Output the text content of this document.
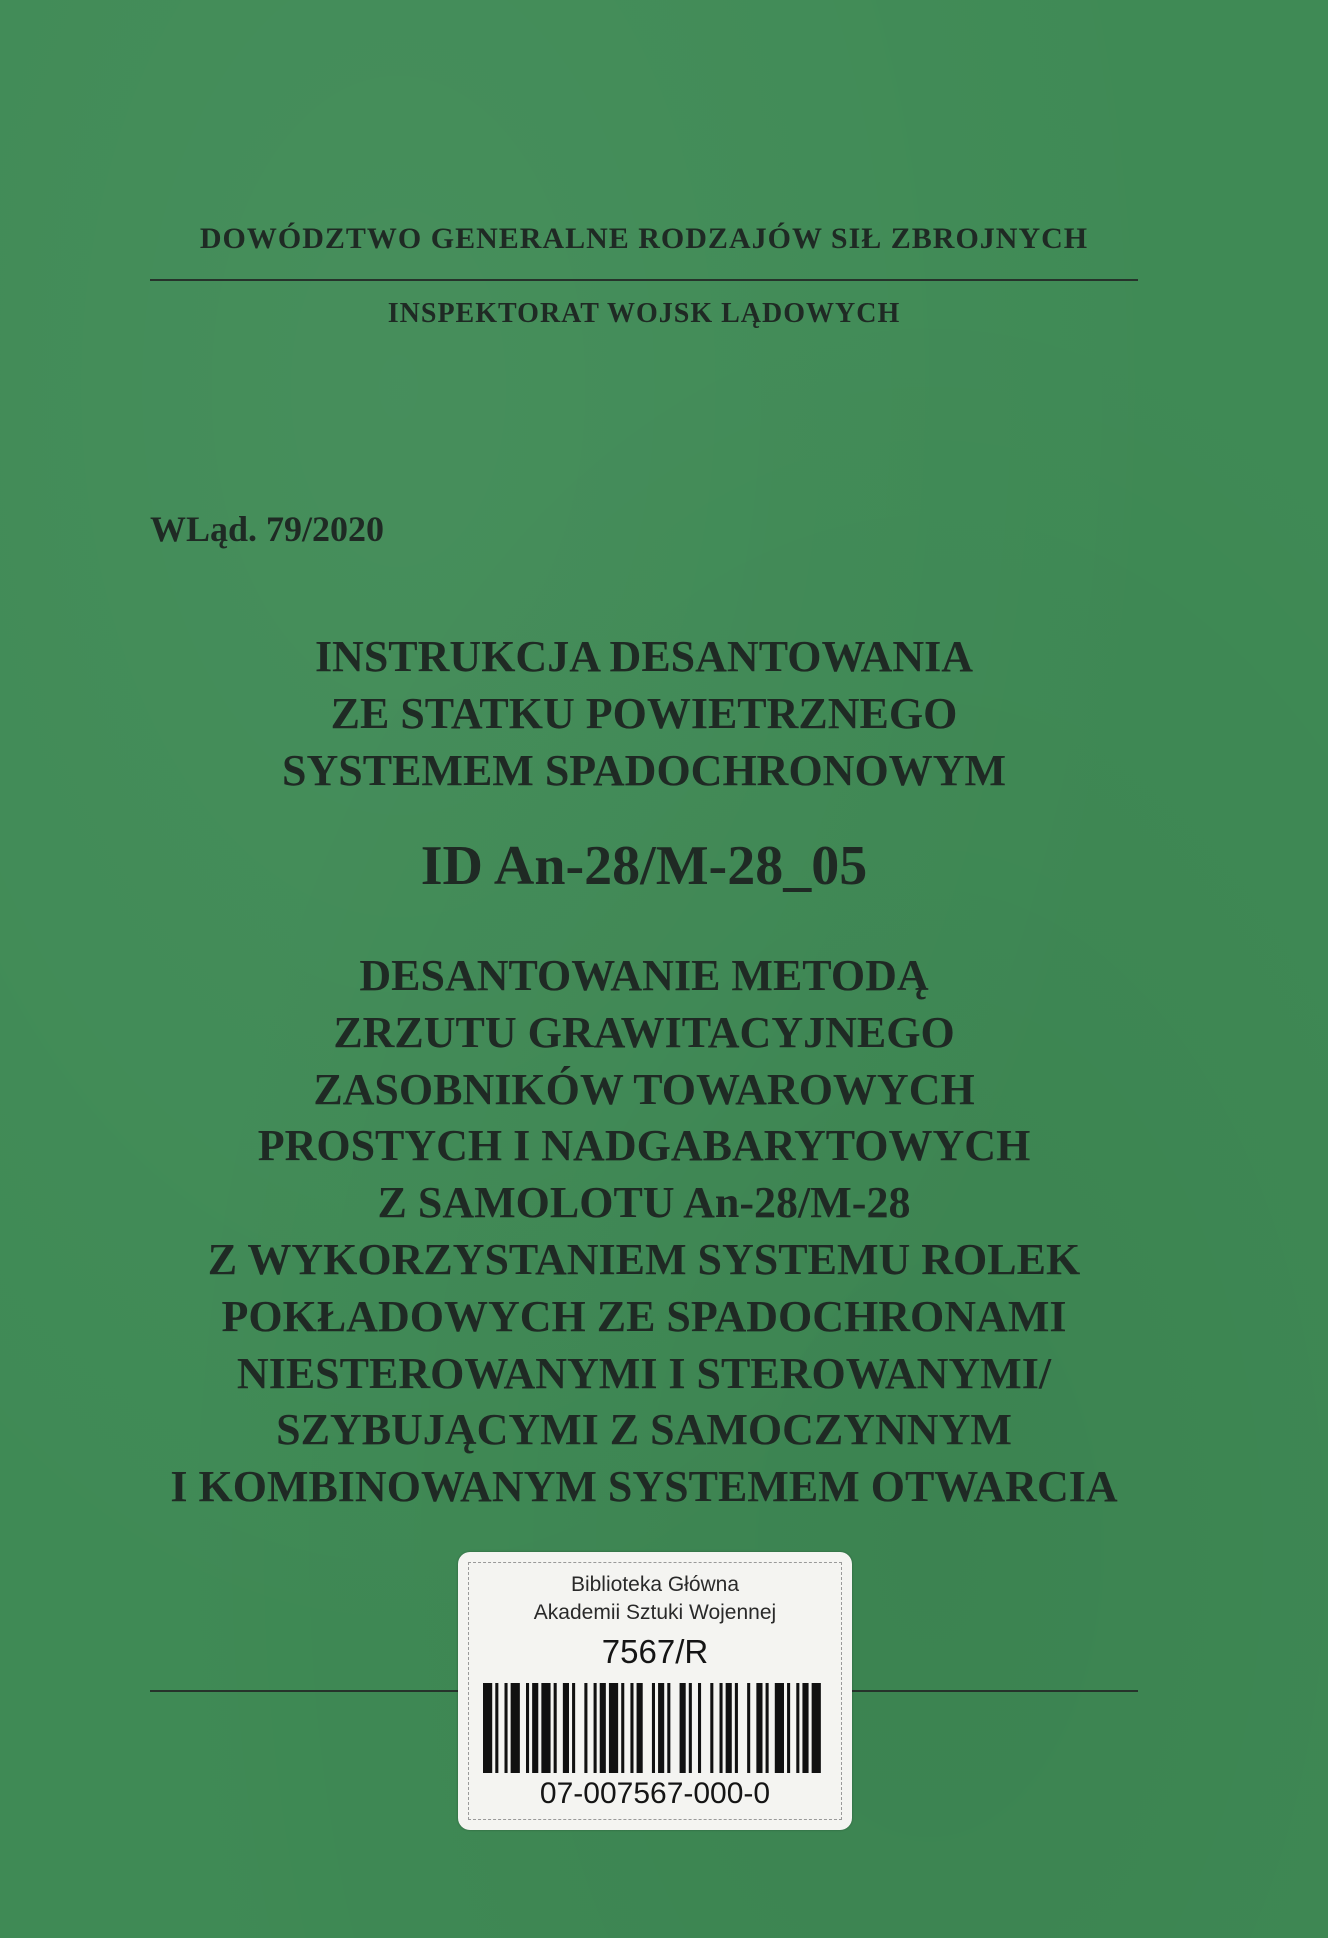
DOWÓDZTWO GENERALNE RODZAJÓW SIŁ ZBROJNYCH
INSPEKTORAT WOJSK LĄDOWYCH
WLąd. 79/2020
INSTRUKCJA DESANTOWANIA
ZE STATKU POWIETRZNEGO
SYSTEMEM SPADOCHRONOWYM
ID An-28/M-28_05
DESANTOWANIE METODĄ
ZRZUTU GRAWITACYJNEGO
ZASOBNIKÓW TOWAROWYCH
PROSTYCH I NADGABARYTOWYCH
Z SAMOLOTU An-28/M-28
Z WYKORZYSTANIEM SYSTEMU ROLEK
POKŁADOWYCH ZE SPADOCHRONAMI
NIESTEROWANYMI I STEROWANYMI/
SZYBUJĄCYMI Z SAMOCZYNNYM
I KOMBINOWANYM SYSTEMEM OTWARCIA
Biblioteka Główna
Akademii Sztuki Wojennej
7567/R
07-007567-000-0
